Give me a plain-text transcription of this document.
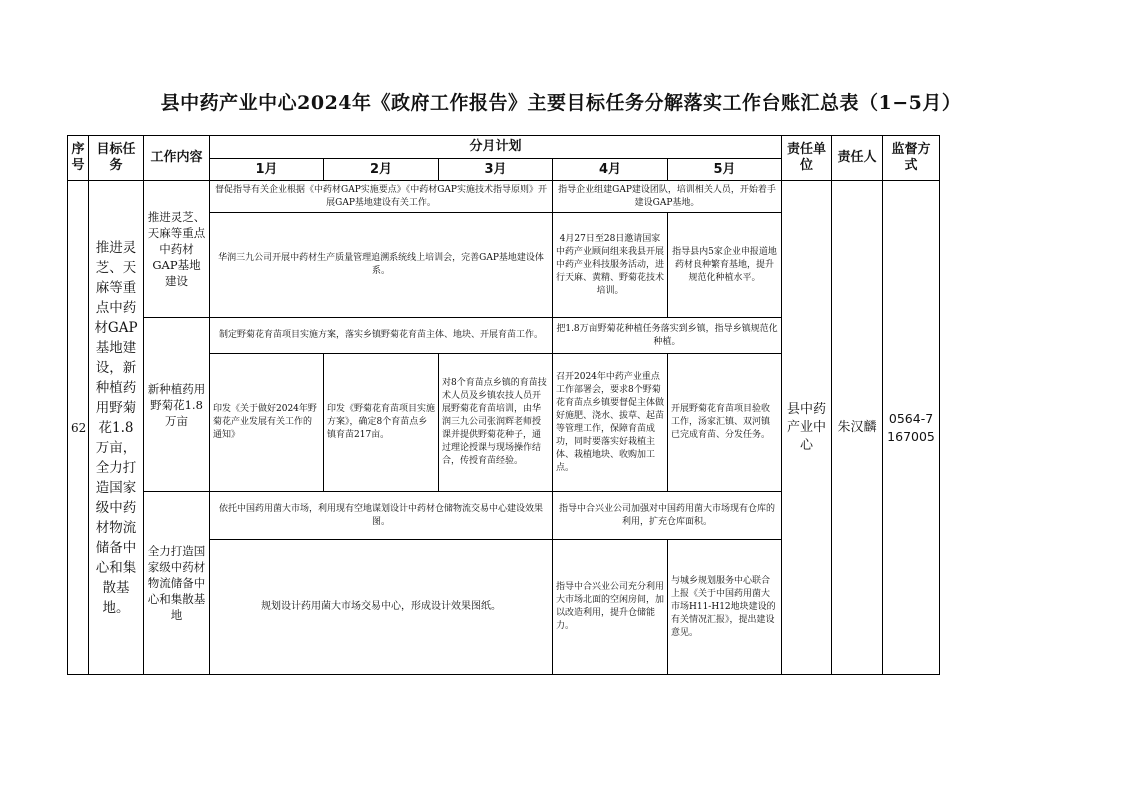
县中药产业中心2024年《政府工作报告》主要目标任务分解落实工作台账汇总表（1−5月）
序号	目标任务	工作内容	分月计划					责任单位	责任人	监督方式
			1月	2月	3月	4月	5月			
62	推进灵芝、天麻等重点中药材GAP基地建设，新种植药用野菊花1.8万亩，全力打造国家级中药材物流储备中心和集散基地。	推进灵芝、天麻等重点中药材GAP基地建设	督促指导有关企业根据《中药材GAP实施要点》《中药材GAP实施技术指导原则》开展GAP基地建设有关工作。			指导企业组建GAP建设团队，培训相关人员，开始着手建设GAP基地。		县中药产业中心	朱汉麟	0564-7167005
			华润三九公司开展中药材生产质量管理追溯系统线上培训会，完善GAP基地建设体系。			4月27日至28日邀请国家中药产业顾问组来我县开展中药产业科技服务活动，进行天麻、黄精、野菊花技术培训。	指导县内5家企业申报道地药材良种繁育基地，提升规范化种植水平。			
		新种植药用野菊花1.8万亩	制定野菊花育苗项目实施方案，落实乡镇野菊花育苗主体、地块、开展育苗工作。			把1.8万亩野菊花种植任务落实到乡镇，指导乡镇规范化种植。				
			印发《关于做好2024年野菊花产业发展有关工作的通知》	印发《野菊花育苗项目实施方案》，确定8个育苗点乡镇育苗217亩。	对8个育苗点乡镇的育苗技术人员及乡镇农技人员开展野菊花育苗培训，由华润三九公司张润辉老师授课并提供野菊花种子，通过理论授课与现场操作结合，传授育苗经验。	召开2024年中药产业重点工作部署会，要求8个野菊花育苗点乡镇要督促主体做好施肥、浇水、拔草、起苗等管理工作，保障育苗成功，同时要落实好栽植主体、栽植地块、收购加工点。	开展野菊花育苗项目验收工作，汤家汇镇、双河镇已完成育苗、分发任务。			
		全力打造国家级中药材物流储备中心和集散基地	依托中国药用菌大市场，利用现有空地谋划设计中药材仓储物流交易中心建设效果图。			指导中合兴业公司加强对中国药用菌大市场现有仓库的利用，扩充仓库面积。				
			规划设计药用菌大市场交易中心，形成设计效果图纸。			指导中合兴业公司充分利用大市场北面的空闲房间，加以改造利用，提升仓储能力。	与城乡规划服务中心联合上报《关于中国药用菌大市场H11-H12地块建设的有关情况汇报》，提出建设意见。			
